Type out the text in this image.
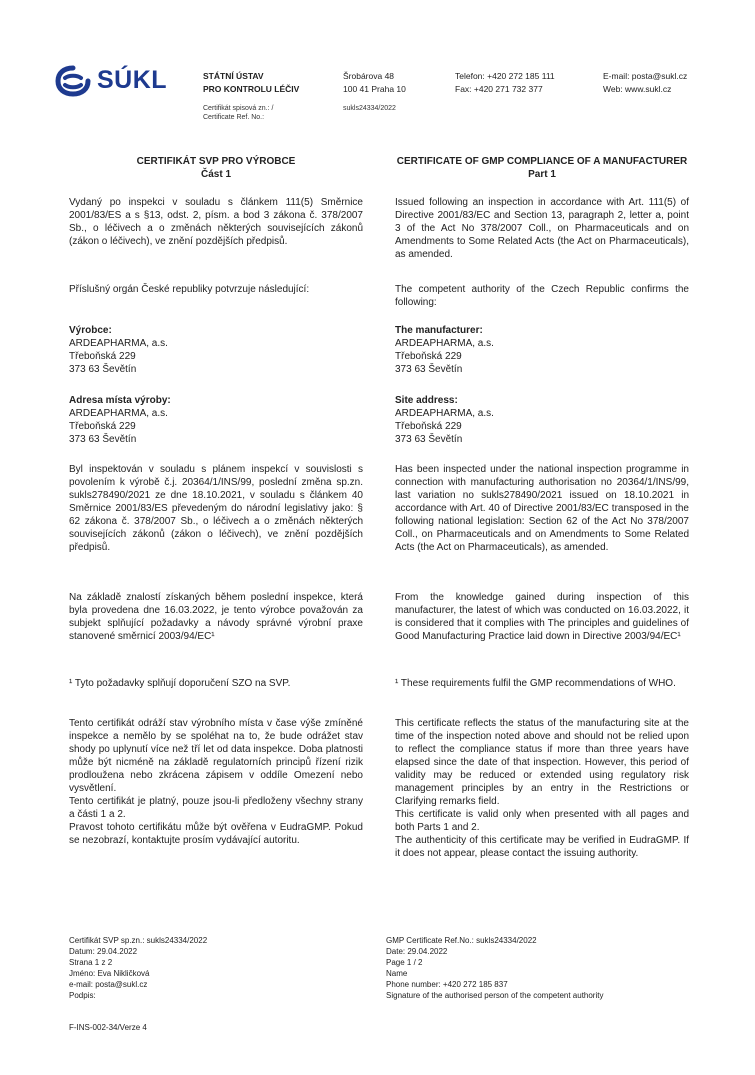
SÚKL	STÁTNÍ ÚSTAV
PRO KONTROLU LÉČIV
Šrobárova 48
100 41 Praha 10
Telefon: +420 272 185 111
Fax: +420 271 732 377
E-mail: posta@sukl.cz
Web: www.sukl.cz
Certifikát spisová zn.: /
Certificate Ref. No.:
sukls24334/2022
CERTIFIKÁT SVP PRO VÝROBCE
Část 1

Vydaný po inspekci v souladu s článkem 111(5) Směrnice 2001/83/ES a s §13, odst. 2, písm. a bod 3 zákona č. 378/2007 Sb., o léčivech a o změnách některých souvisejících zákonů (zákon o léčivech), ve znění pozdějších předpisů.

Příslušný orgán České republiky potvrzuje následující:

Výrobce:
ARDEAPHARMA, a.s.
Třeboňská 229
373 63 Ševětín
Adresa místa výroby:
ARDEAPHARMA, a.s.
Třeboňská 229
373 63 Ševětín

Byl inspektován v souladu s plánem inspekcí v souvislosti s povolením k výrobě č.j. 20364/1/INS/99, poslední změna sp.zn. sukls278490/2021 ze dne 18.10.2021, v souladu s článkem 40 Směrnice 2001/83/ES převedeným do národní legislativy jako: § 62 zákona č. 378/2007 Sb., o léčivech a o změnách některých souvisejících zákonů (zákon o léčivech), ve znění pozdějších předpisů.

Na základě znalostí získaných během poslední inspekce, která byla provedena dne 16.03.2022, je tento výrobce považován za subjekt splňující požadavky a návody správné výrobní praxe stanovené směrnicí 2003/94/EC¹

¹ Tyto požadavky splňují doporučení SZO na SVP.

Tento certifikát odráží stav výrobního místa v čase výše zmíněné inspekce a nemělo by se spoléhat na to, že bude odrážet stav shody po uplynutí více než tří let od data inspekce. Doba platnosti může být nicméně na základě regulatorních principů řízení rizik prodloužena nebo zkrácena zápisem v oddíle Omezení nebo vysvětlení.

Tento certifikát je platný, pouze jsou-li předloženy všechny strany a části 1 a 2.

Pravost tohoto certifikátu může být ověřena v EudraGMP. Pokud se nezobrazí, kontaktujte prosím vydávající autoritu.

CERTIFICATE OF GMP COMPLIANCE OF A MANUFACTURER
Part 1

Issued following an inspection in accordance with Art. 111(5) of Directive 2001/83/EC and Section 13, paragraph 2, letter a, point 3 of the Act No 378/2007 Coll., on Pharmaceuticals and on Amendments to Some Related Acts (the Act on Pharmaceuticals), as amended.

The competent authority of the Czech Republic confirms the following:

The manufacturer:
ARDEAPHARMA, a.s.
Třeboňská 229
373 63 Ševětín
Site address:
ARDEAPHARMA, a.s.
Třeboňská 229
373 63 Ševětín

Has been inspected under the national inspection programme in connection with manufacturing authorisation no 20364/1/INS/99, last variation no sukls278490/2021 issued on 18.10.2021 in accordance with Art. 40 of Directive 2001/83/EC transposed in the following national legislation: Section 62 of the Act No 378/2007 Coll., on Pharmaceuticals and on Amendments to Some Related Acts (the Act on Pharmaceuticals), as amended.

From the knowledge gained during inspection of this manufacturer, the latest of which was conducted on 16.03.2022, it is considered that it complies with The principles and guidelines of Good Manufacturing Practice laid down in Directive 2003/94/EC¹

¹ These requirements fulfil the GMP recommendations of WHO.

This certificate reflects the status of the manufacturing site at the time of the inspection noted above and should not be relied upon to reflect the compliance status if more than three years have elapsed since the date of that inspection. However, this period of validity may be reduced or extended using regulatory risk management principles by an entry in the Restrictions or Clarifying remarks field.

This certificate is valid only when presented with all pages and both Parts 1 and 2.

The authenticity of this certificate may be verified in EudraGMP. If it does not appear, please contact the issuing authority.

Certifikát SVP sp.zn.: sukls24334/2022
Datum: 29.04.2022
Strana 1 z 2
Jméno: Eva Nikličková
e-mail: posta@sukl.cz
Podpis:
GMP Certificate Ref.No.: sukls24334/2022
Date: 29.04.2022
Page 1 / 2
Name
Phone number: +420 272 185 837
Signature of the authorised person of the competent authority
F-INS-002-34/Verze 4
